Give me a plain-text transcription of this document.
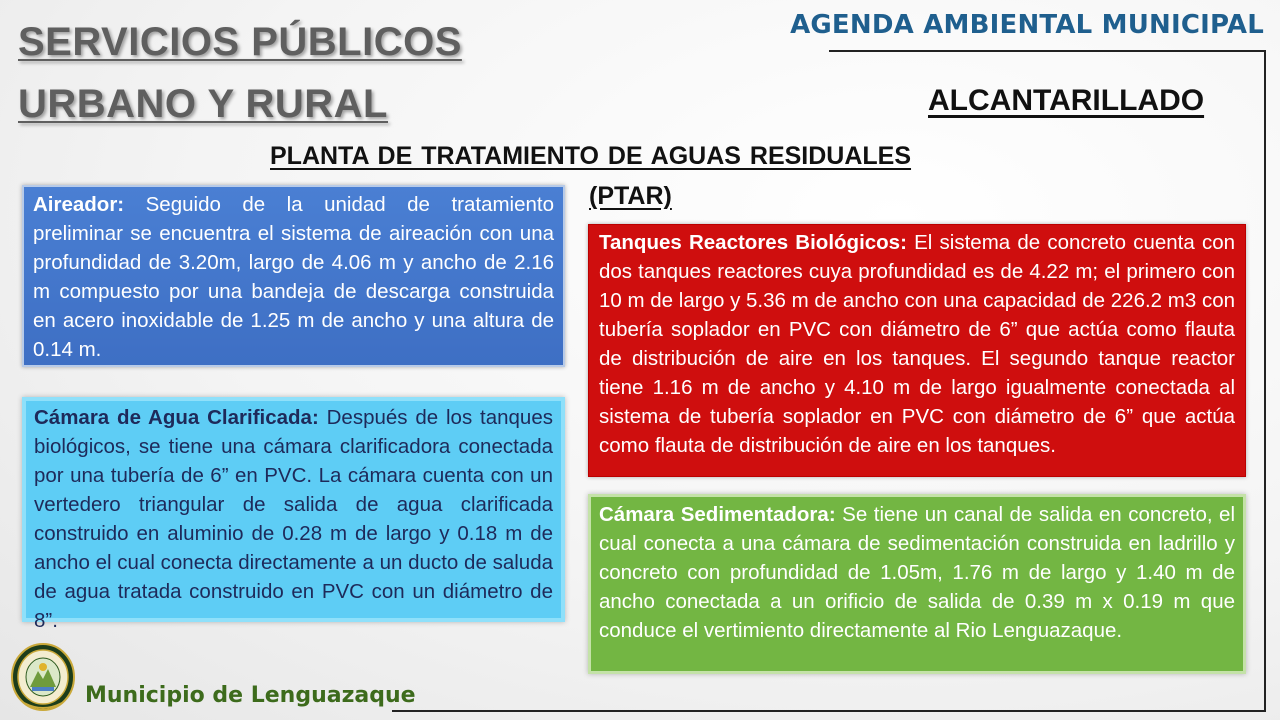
SERVICIOS PÚBLICOS
URBANO Y RURAL
AGENDA AMBIENTAL MUNICIPAL
ALCANTARILLADO
PLANTA DE TRATAMIENTO DE AGUAS RESIDUALES
(PTAR)
Aireador: Seguido de la unidad de tratamiento preliminar se encuentra el sistema de aireación con una profundidad de 3.20m, largo de 4.06 m y ancho de 2.16 m compuesto por una bandeja de descarga construida en acero inoxidable de 1.25 m de ancho y una altura de 0.14 m.
Cámara de Agua Clarificada: Después de los tanques biológicos, se tiene una cámara clarificadora conectada por una tubería de 6” en PVC. La cámara cuenta con un vertedero triangular de salida de agua clarificada construido en aluminio de 0.28 m de largo y 0.18 m de ancho el cual conecta directamente a un ducto de saluda de agua tratada construido en PVC con un diámetro de 8”.
Tanques Reactores Biológicos: El sistema de concreto cuenta con dos tanques reactores cuya profundidad es de 4.22 m; el primero con 10 m de largo y 5.36 m de ancho con una capacidad de 226.2 m3 con tubería soplador en PVC con diámetro de 6” que actúa como flauta de distribución de aire en los tanques. El segundo tanque reactor tiene 1.16 m de ancho y 4.10 m de largo igualmente conectada al sistema de tubería soplador en PVC con diámetro de 6” que actúa como flauta de distribución de aire en los tanques.
Cámara Sedimentadora: Se tiene un canal de salida en concreto, el cual conecta a una cámara de sedimentación construida en ladrillo y concreto con profundidad de 1.05m, 1.76 m de largo y 1.40 m de ancho conectada a un orificio de salida de 0.39 m x 0.19 m que conduce el vertimiento directamente al Rio Lenguazaque.
Municipio de Lenguazaque
